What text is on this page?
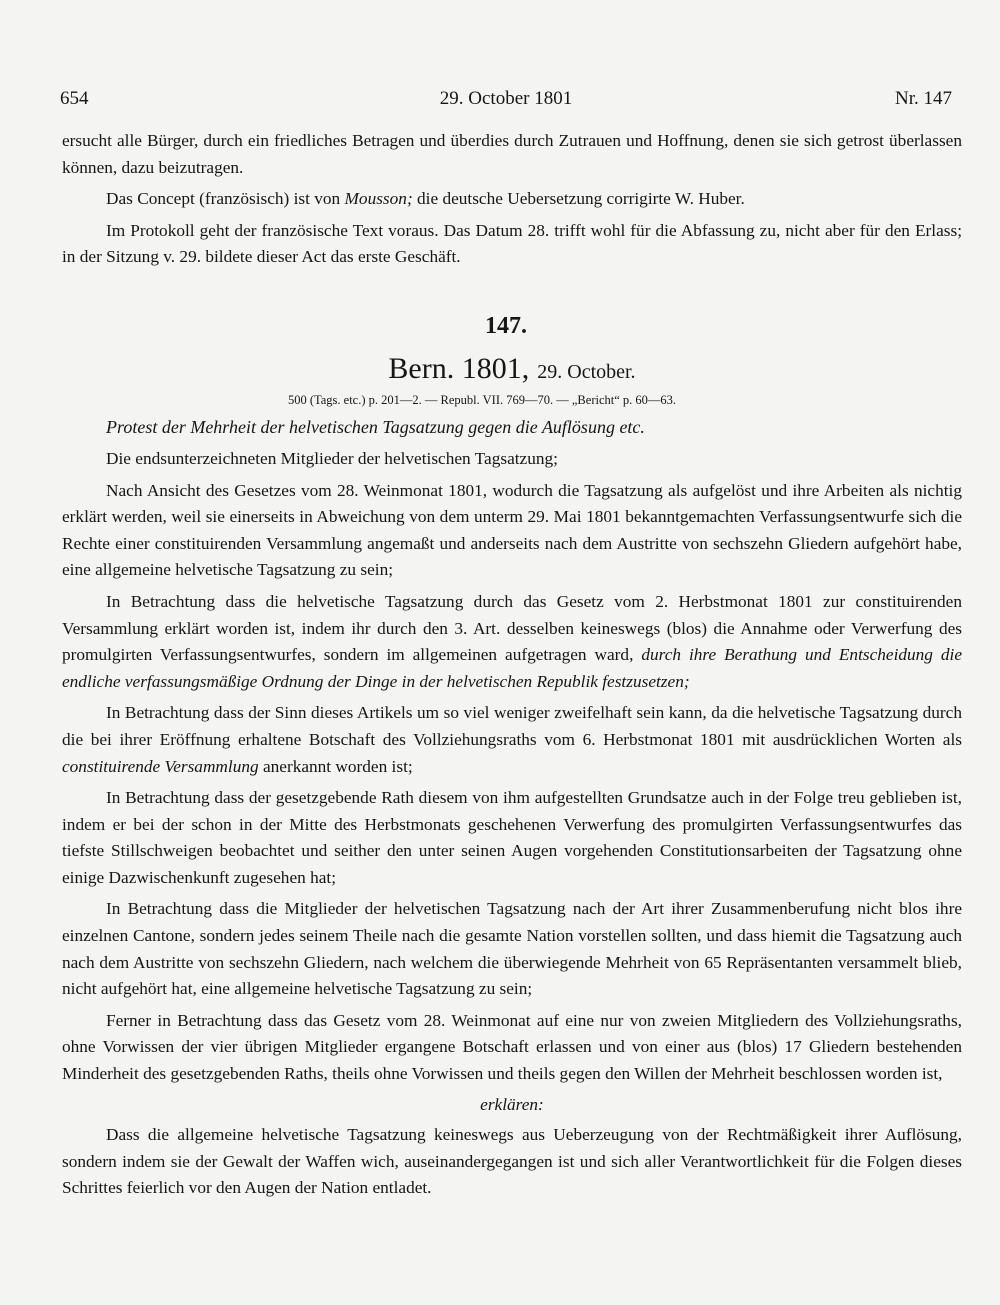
654	29. October 1801	Nr. 147

ersucht alle Bürger, durch ein friedliches Betragen und überdies durch Zutrauen und Hoffnung, denen sie sich getrost überlassen können, dazu beizutragen.

Das Concept (französisch) ist von Mousson; die deutsche Uebersetzung corrigirte W. Huber.

Im Protokoll geht der französische Text voraus. Das Datum 28. trifft wohl für die Abfassung zu, nicht aber für den Erlass; in der Sitzung v. 29. bildete dieser Act das erste Geschäft.

147.
Bern. 1801, 29. October.
500 (Tags. etc.) p. 201—2. — Republ. VII. 769—70. — „Bericht“ p. 60—63.
Protest der Mehrheit der helvetischen Tagsatzung gegen die Auflösung etc.

Die endsunterzeichneten Mitglieder der helvetischen Tagsatzung;

Nach Ansicht des Gesetzes vom 28. Weinmonat 1801, wodurch die Tagsatzung als aufgelöst und ihre Arbeiten als nichtig erklärt werden, weil sie einerseits in Abweichung von dem unterm 29. Mai 1801 bekanntgemachten Verfassungsentwurfe sich die Rechte einer constituirenden Versammlung angemaßt und anderseits nach dem Austritte von sechszehn Gliedern aufgehört habe, eine allgemeine helvetische Tagsatzung zu sein;

In Betrachtung dass die helvetische Tagsatzung durch das Gesetz vom 2. Herbstmonat 1801 zur constituirenden Versammlung erklärt worden ist, indem ihr durch den 3. Art. desselben keineswegs (blos) die Annahme oder Verwerfung des promulgirten Verfassungsentwurfes, sondern im allgemeinen aufgetragen ward, durch ihre Berathung und Entscheidung die endliche verfassungsmäßige Ordnung der Dinge in der helvetischen Republik festzusetzen;

In Betrachtung dass der Sinn dieses Artikels um so viel weniger zweifelhaft sein kann, da die helvetische Tagsatzung durch die bei ihrer Eröffnung erhaltene Botschaft des Vollziehungsraths vom 6. Herbstmonat 1801 mit ausdrücklichen Worten als constituirende Versammlung anerkannt worden ist;

In Betrachtung dass der gesetzgebende Rath diesem von ihm aufgestellten Grundsatze auch in der Folge treu geblieben ist, indem er bei der schon in der Mitte des Herbstmonats geschehenen Verwerfung des promulgirten Verfassungsentwurfes das tiefste Stillschweigen beobachtet und seither den unter seinen Augen vorgehenden Constitutionsarbeiten der Tagsatzung ohne einige Dazwischenkunft zugesehen hat;

In Betrachtung dass die Mitglieder der helvetischen Tagsatzung nach der Art ihrer Zusammenberufung nicht blos ihre einzelnen Cantone, sondern jedes seinem Theile nach die gesamte Nation vorstellen sollten, und dass hiemit die Tagsatzung auch nach dem Austritte von sechszehn Gliedern, nach welchem die überwiegende Mehrheit von 65 Repräsentanten versammelt blieb, nicht aufgehört hat, eine allgemeine helvetische Tagsatzung zu sein;

Ferner in Betrachtung dass das Gesetz vom 28. Weinmonat auf eine nur von zweien Mitgliedern des Vollziehungsraths, ohne Vorwissen der vier übrigen Mitglieder ergangene Botschaft erlassen und von einer aus (blos) 17 Gliedern bestehenden Minderheit des gesetzgebenden Raths, theils ohne Vorwissen und theils gegen den Willen der Mehrheit beschlossen worden ist,

erklären:

Dass die allgemeine helvetische Tagsatzung keineswegs aus Ueberzeugung von der Rechtmäßigkeit ihrer Auflösung, sondern indem sie der Gewalt der Waffen wich, auseinandergegangen ist und sich aller Verantwortlichkeit für die Folgen dieses Schrittes feierlich vor den Augen der Nation entladet.
